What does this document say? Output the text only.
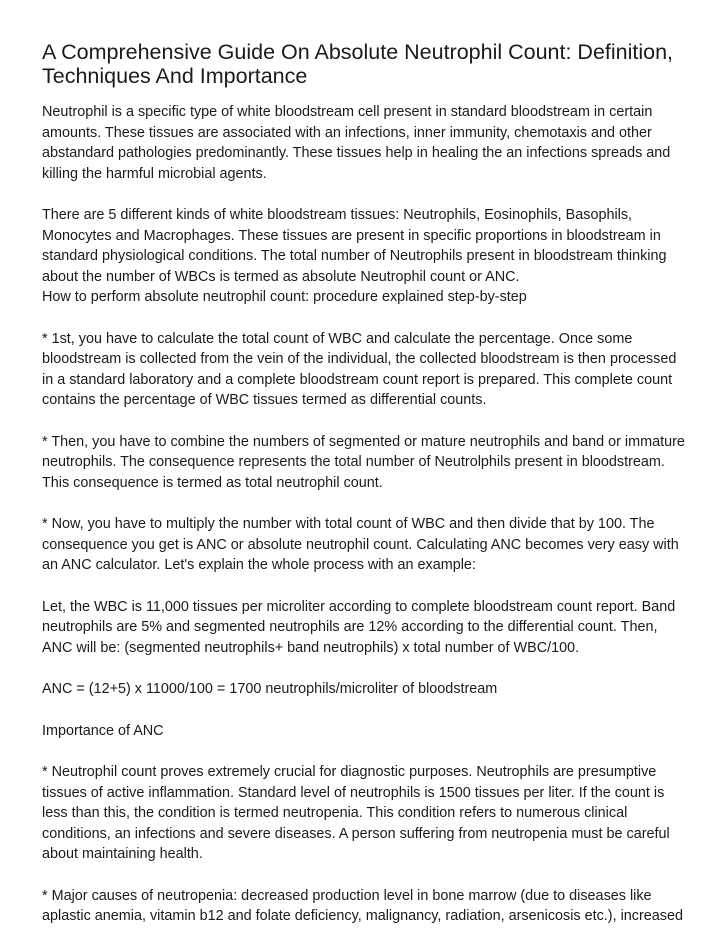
A Comprehensive Guide On Absolute Neutrophil Count: Definition,
Techniques And Importance

Neutrophil is a specific type of white bloodstream cell present in standard bloodstream in certain
amounts. These tissues are associated with an infections, inner immunity, chemotaxis and other
abstandard pathologies predominantly. These tissues help in healing the an infections spreads and
killing the harmful microbial agents.

There are 5 different kinds of white bloodstream tissues: Neutrophils, Eosinophils, Basophils,
Monocytes and Macrophages. These tissues are present in specific proportions in bloodstream in
standard physiological conditions. The total number of Neutrophils present in bloodstream thinking
about the number of WBCs is termed as absolute Neutrophil count or ANC.
How to perform absolute neutrophil count: procedure explained step-by-step

* 1st, you have to calculate the total count of WBC and calculate the percentage. Once some
bloodstream is collected from the vein of the individual, the collected bloodstream is then processed
in a standard laboratory and a complete bloodstream count report is prepared. This complete count
contains the percentage of WBC tissues termed as differential counts.

* Then, you have to combine the numbers of segmented or mature neutrophils and band or immature
neutrophils. The consequence represents the total number of Neutrolphils present in bloodstream.
This consequence is termed as total neutrophil count.

* Now, you have to multiply the number with total count of WBC and then divide that by 100. The
consequence you get is ANC or absolute neutrophil count. Calculating ANC becomes very easy with
an ANC calculator. Let's explain the whole process with an example:

Let, the WBC is 11,000 tissues per microliter according to complete bloodstream count report. Band
neutrophils are 5% and segmented neutrophils are 12% according to the differential count. Then,
ANC will be: (segmented neutrophils+ band neutrophils) x total number of WBC/100.

ANC = (12+5) x 11000/100 = 1700 neutrophils/microliter of bloodstream

Importance of ANC

* Neutrophil count proves extremely crucial for diagnostic purposes. Neutrophils are presumptive
tissues of active inflammation. Standard level of neutrophils is 1500 tissues per liter. If the count is
less than this, the condition is termed neutropenia. This condition refers to numerous clinical
conditions, an infections and severe diseases. A person suffering from neutropenia must be careful
about maintaining health.

* Major causes of neutropenia: decreased production level in bone marrow (due to diseases like
aplastic anemia, vitamin b12 and folate deficiency, malignancy, radiation, arsenicosis etc.), increased
